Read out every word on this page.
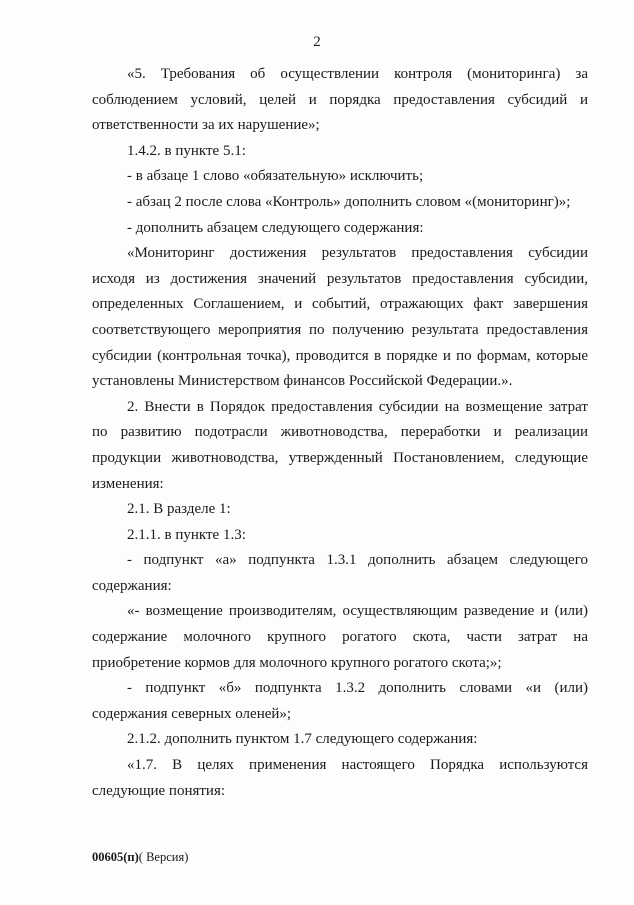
2

«5. Требования об осуществлении контроля (мониторинга) за соблюдением условий, целей и порядка предоставления субсидий и ответственности за их нарушение»;

1.4.2. в пункте 5.1:

- в абзаце 1 слово «обязательную» исключить;

- абзац 2 после слова «Контроль» дополнить словом «(мониторинг)»;

- дополнить абзацем следующего содержания:

«Мониторинг достижения результатов предоставления субсидии исходя из достижения значений результатов предоставления субсидии, определенных Соглашением, и событий, отражающих факт завершения соответствующего мероприятия по получению результата предоставления субсидии (контрольная точка), проводится в порядке и по формам, которые установлены Министерством финансов Российской Федерации.».

2. Внести в Порядок предоставления субсидии на возмещение затрат по развитию подотрасли животноводства, переработки и реализации продукции животноводства, утвержденный Постановлением, следующие изменения:

2.1. В разделе 1:

2.1.1. в пункте 1.3:

- подпункт «а» подпункта 1.3.1 дополнить абзацем следующего содержания:

«- возмещение производителям, осуществляющим разведение и (или) содержание молочного крупного рогатого скота, части затрат на приобретение кормов для молочного крупного рогатого скота;»;

- подпункт «б» подпункта 1.3.2 дополнить словами «и (или) содержания северных оленей»;

2.1.2. дополнить пунктом 1.7 следующего содержания:

«1.7. В целях применения настоящего Порядка используются следующие понятия:

00605(п)( Версия)
